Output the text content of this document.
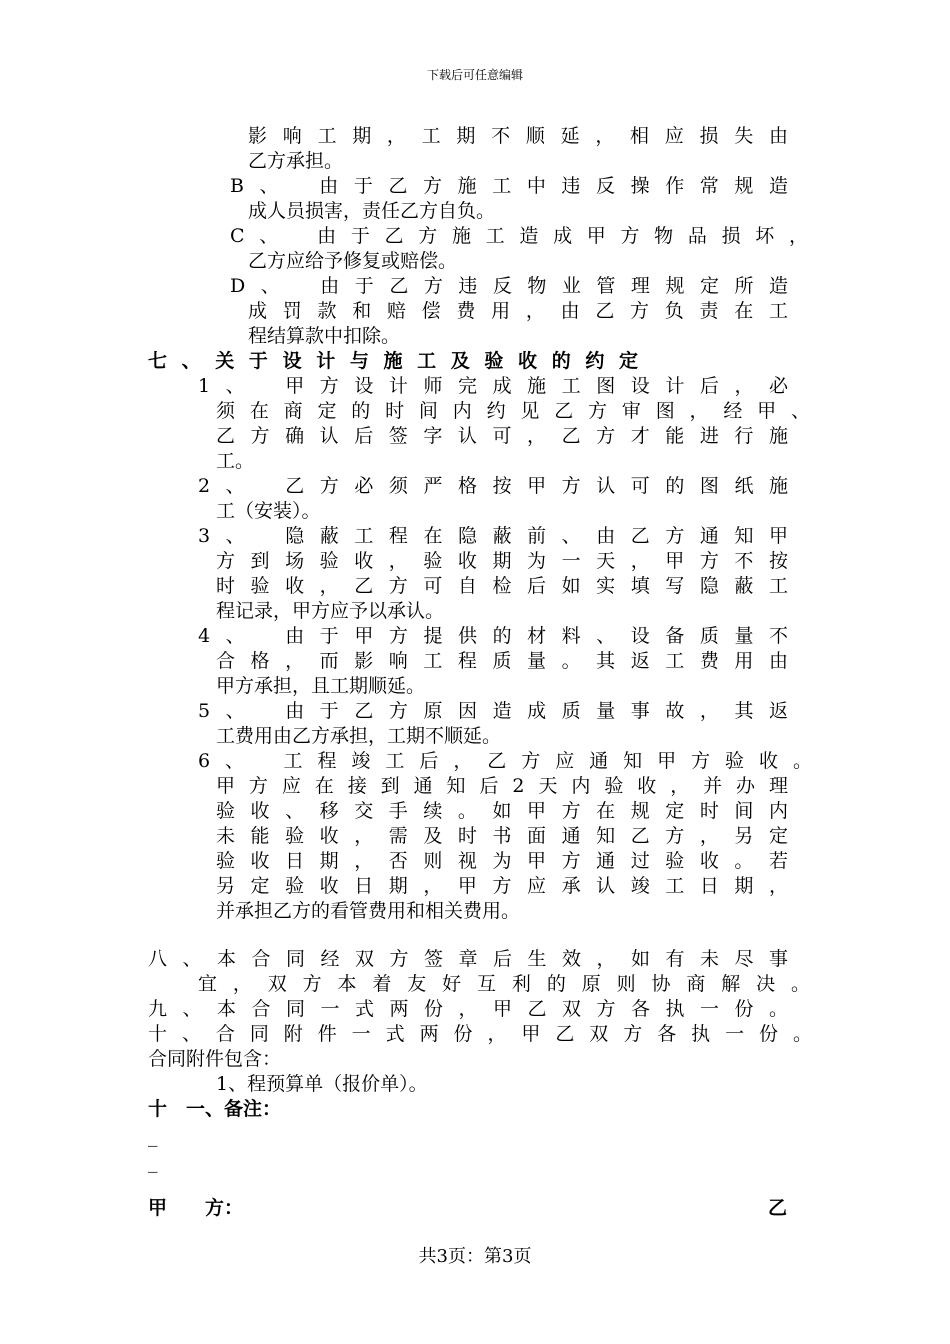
下载后可任意编辑
影响工期，工期不顺延，相应损失由
乙方承担。
B、　由于乙方施工中违反操作常规造
成人员损害，责任乙方自负。
C、　由于乙方施工造成甲方物品损坏，
乙方应给予修复或赔偿。
D、　由于乙方违反物业管理规定所造
成罚款和赔偿费用，由乙方负责在工
程结算款中扣除。
七、关于设计与施工及验收的约定
1、　甲方设计师完成施工图设计后，必
须在商定的时间内约见乙方审图，经甲、
乙方确认后签字认可，乙方才能进行施
工。
2、　乙方必须严格按甲方认可的图纸施
工（安装）。
3、　隐蔽工程在隐蔽前、由乙方通知甲
方到场验收，验收期为一天，甲方不按
时验收，乙方可自检后如实填写隐蔽工
程记录，甲方应予以承认。
4、　由于甲方提供的材料、设备质量不
合格，而影响工程质量。其返工费用由
甲方承担，且工期顺延。
5、　由于乙方原因造成质量事故，其返
工费用由乙方承担，工期不顺延。
6、　工程竣工后，乙方应通知甲方验收。
甲方应在接到通知后2天内验收，并办理
验收、移交手续。如甲方在规定时间内
未能验收，需及时书面通知乙方，另定
验收日期，否则视为甲方通过验收。若
另定验收日期，甲方应承认竣工日期，
并承担乙方的看管费用和相关费用。
八、本合同经双方签章后生效，如有未尽事
宜，双方本着友好互利的原则协商解决。
九、本合同一式两份，甲乙双方各执一份。
十、合同附件一式两份，甲乙双方各执一份。
合同附件包含：
1、程预算单（报价单）。
十　一、备注：
_
_
甲　　方：	乙
共3页：第3页
